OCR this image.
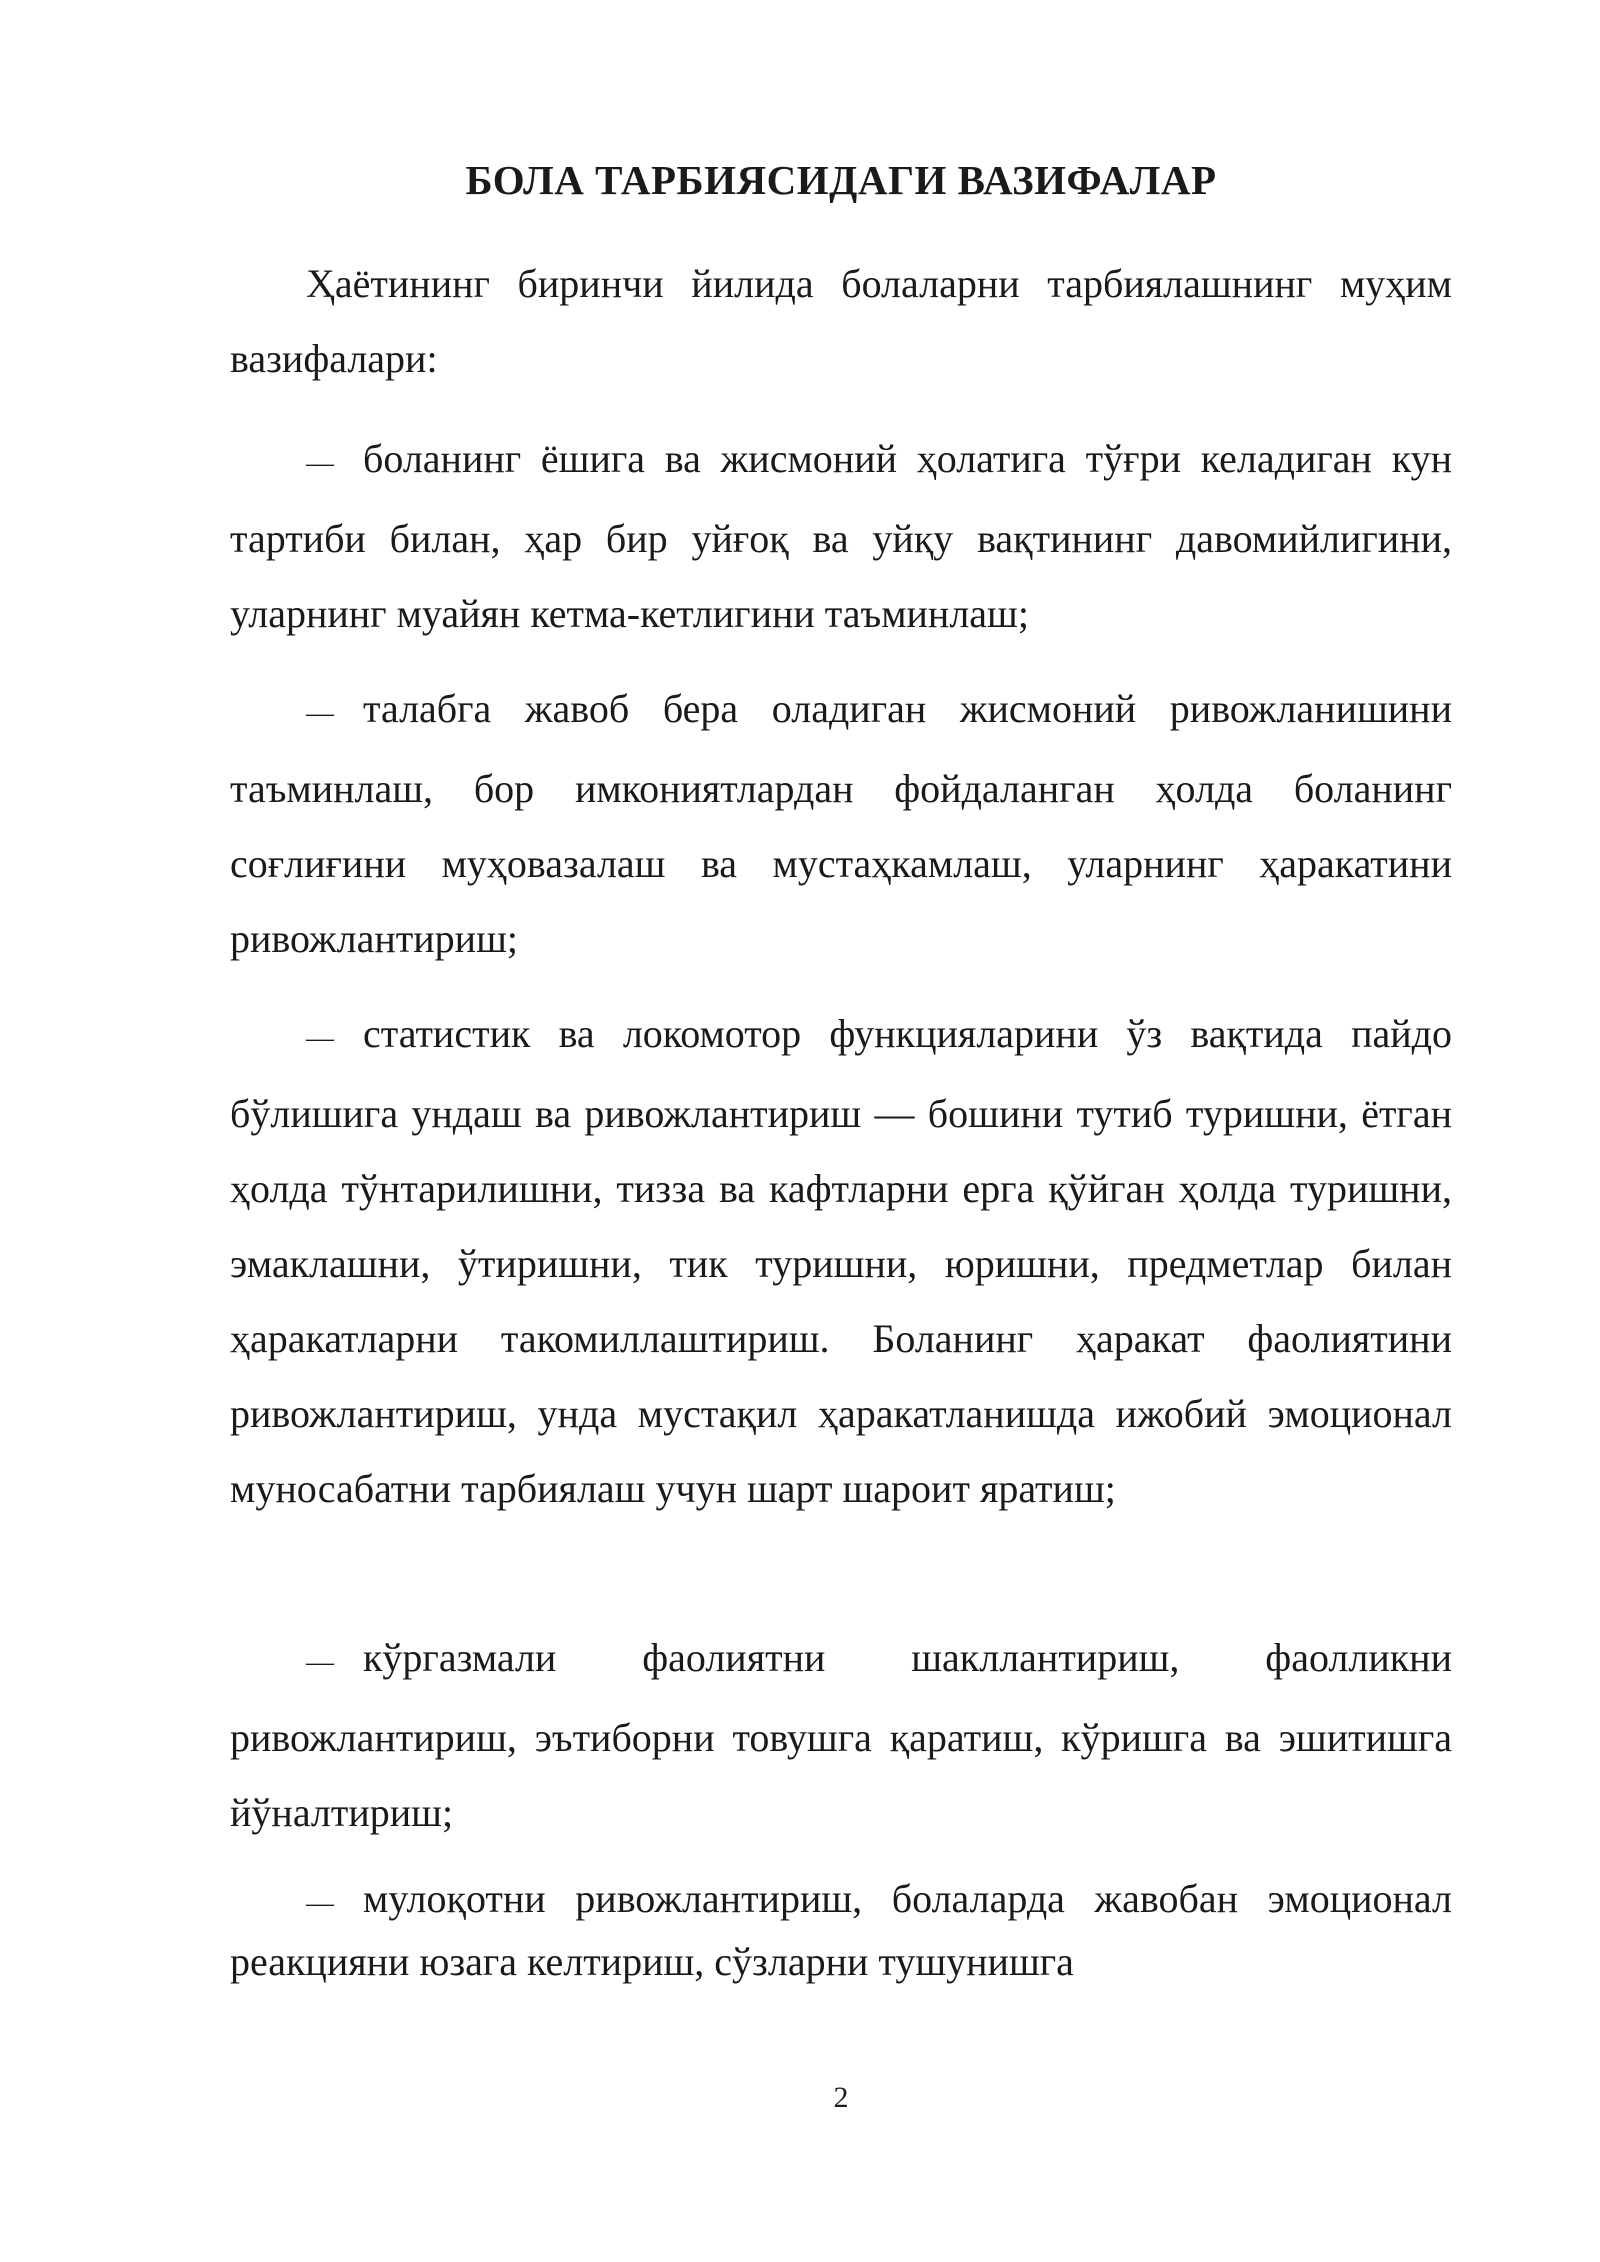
БОЛА ТАРБИЯСИДАГИ ВАЗИФАЛАР

Ҳаётининг биринчи йилида болаларни тарбиялашнинг муҳим вазифалари:

— боланинг ёшига ва жисмоний ҳолатига тўғри келадиган кун тартиби билан, ҳар бир уйғоқ ва уйқу вақтининг давомийлигини, уларнинг муайян кетма-кетлигини таъминлаш;

— талабга жавоб бера оладиган жисмоний ривожланишини таъминлаш, бор имкониятлардан фойдаланган ҳолда боланинг соғлиғини муҳовазалаш ва мустаҳкамлаш, уларнинг ҳаракатини ривожлантириш;

— статистик ва локомотор функцияларини ўз вақтида пайдо бўлишига ундаш ва ривожлантириш — бошини тутиб туришни, ётган ҳолда тўнтарилишни, тизза ва кафтларни ерга қўйган ҳолда туришни, эмаклашни, ўтиришни, тик туришни, юришни, предметлар билан ҳаракатларни такомиллаштириш. Боланинг ҳаракат фаолиятини ривожлантириш, унда мустақил ҳаракатланишда ижобий эмоционал муносабатни тарбиялаш учун шарт шароит яратиш;

— кўргазмали фаолиятни шакллантириш, фаолликни ривожлантириш, эътиборни товушга қаратиш, кўришга ва эшитишга йўналтириш;

— мулоқотни ривожлантириш, болаларда жавобан эмоционал реакцияни юзага келтириш, сўзларни тушунишга

2
